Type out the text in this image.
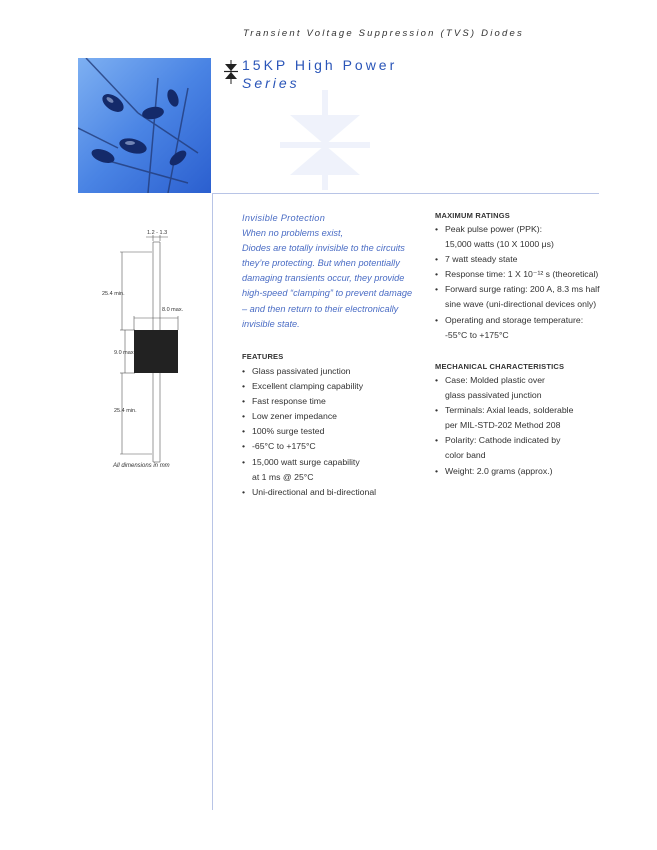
Transient Voltage Suppression (TVS) Diodes
15KP High Power
Series
1.2 - 1.3
25.4 min.
8.0 max.
9.0 max.
25.4 min.
All dimensions in mm
Invisible Protection
When no problems exist,
Diodes are totally invisible to the circuits
they’re protecting. But when potentially
damaging transients occur, they provide
high-speed “clamping” to prevent damage
– and then return to their electronically
invisible state.
FEATURES
• Glass passivated junction
• Excellent clamping capability
• Fast response time
• Low zener impedance
• 100% surge tested
• -65°C to +175°C
• 15,000 watt surge capability
at 1 ms @ 25°C
• Uni-directional and bi-directional
MAXIMUM RATINGS
• Peak pulse power (PPK):
15,000 watts (10 X 1000 μs)
• 7 watt steady state
• Response time: 1 X 10⁻¹² s (theoretical)
• Forward surge rating: 200 A, 8.3 ms half
sine wave (uni-directional devices only)
• Operating and storage temperature:
-55°C to +175°C
MECHANICAL CHARACTERISTICS
• Case: Molded plastic over
glass passivated junction
• Terminals: Axial leads, solderable
per MIL-STD-202 Method 208
• Polarity: Cathode indicated by
color band
• Weight: 2.0 grams (approx.)
